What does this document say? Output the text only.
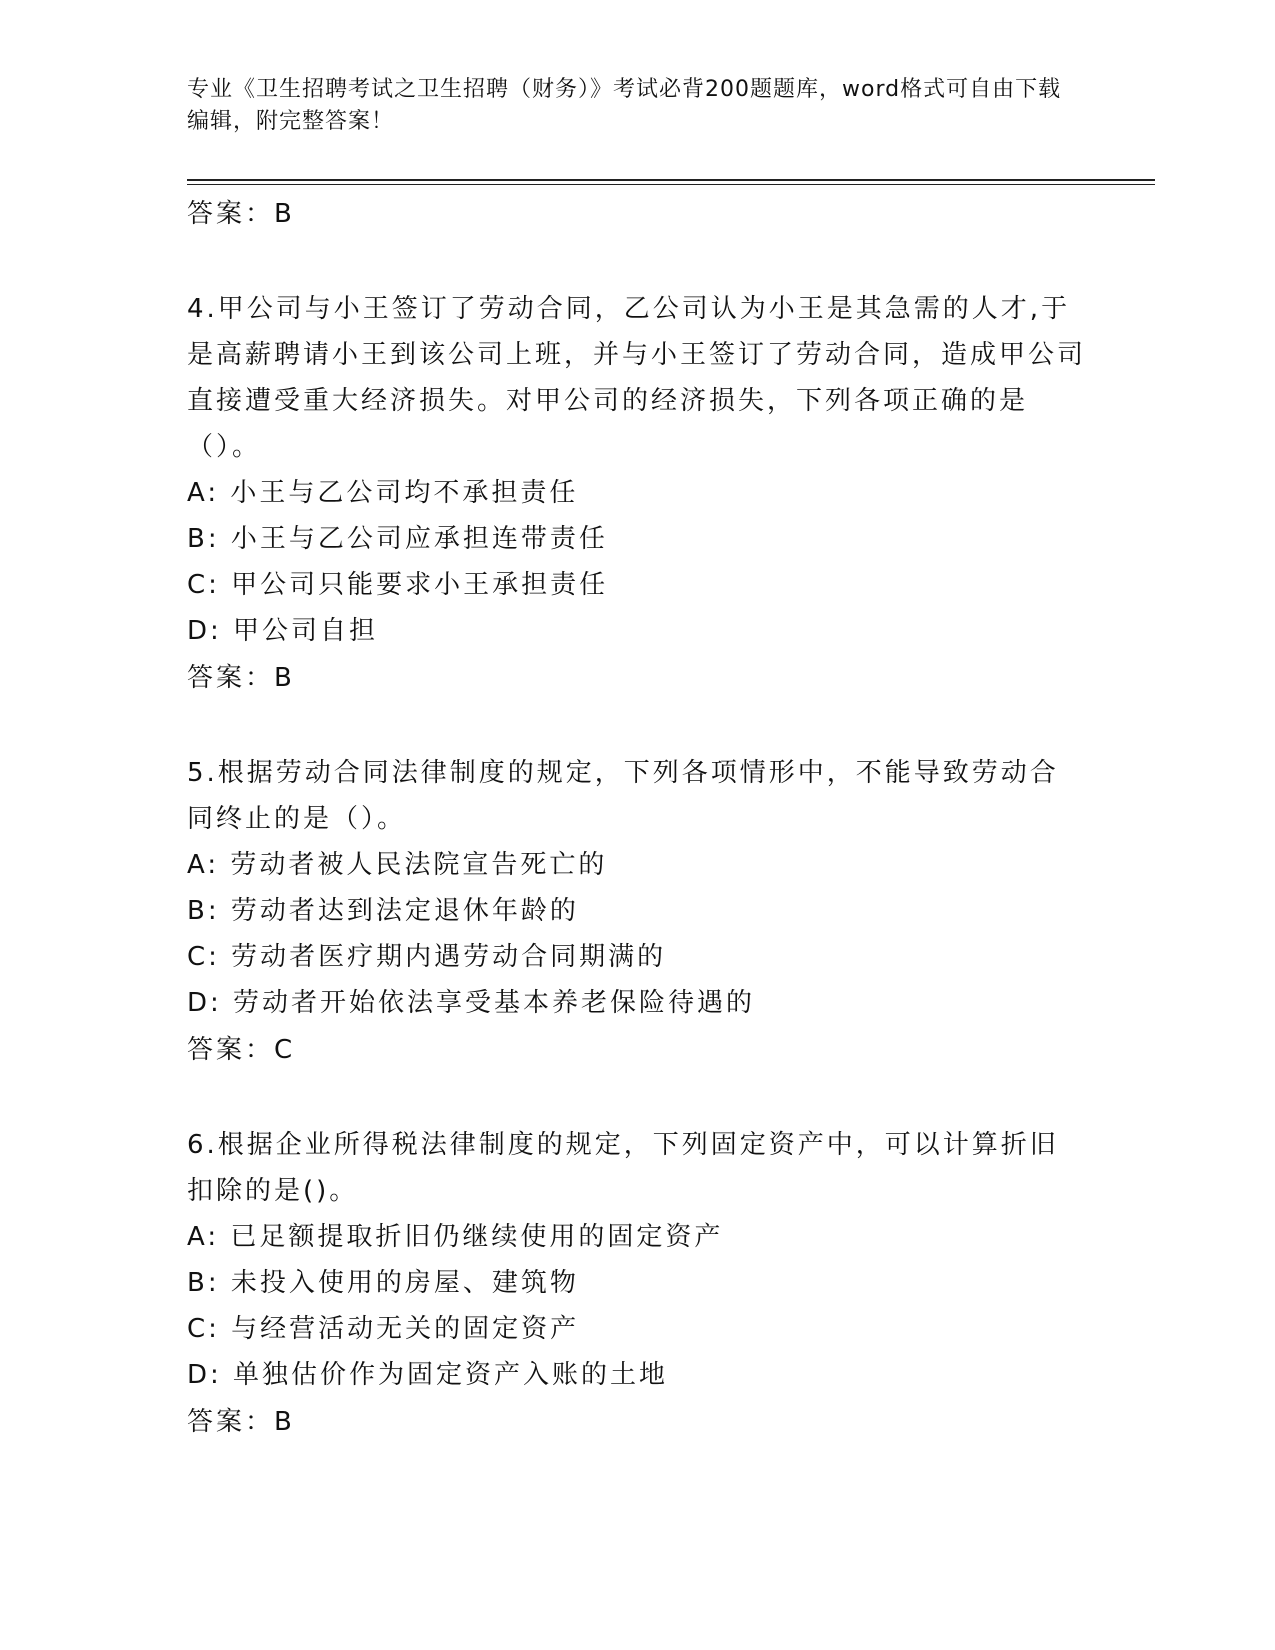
专业《卫生招聘考试之卫生招聘（财务）》考试必背200题题库，word格式可自由下载编辑，附完整答案！
答案：B
4.甲公司与小王签订了劳动合同，乙公司认为小王是其急需的人才,于是高薪聘请小王到该公司上班，并与小王签订了劳动合同，造成甲公司直接遭受重大经济损失。对甲公司的经济损失，下列各项正确的是（）。
A: 小王与乙公司均不承担责任
B: 小王与乙公司应承担连带责任
C: 甲公司只能要求小王承担责任
D: 甲公司自担
答案：B
5.根据劳动合同法律制度的规定，下列各项情形中，不能导致劳动合同终止的是（）。
A: 劳动者被人民法院宣告死亡的
B: 劳动者达到法定退休年龄的
C: 劳动者医疗期内遇劳动合同期满的
D: 劳动者开始依法享受基本养老保险待遇的
答案：C
6.根据企业所得税法律制度的规定，下列固定资产中，可以计算折旧扣除的是()。
A: 已足额提取折旧仍继续使用的固定资产
B: 未投入使用的房屋、建筑物
C: 与经营活动无关的固定资产
D: 单独估价作为固定资产入账的土地
答案：B
